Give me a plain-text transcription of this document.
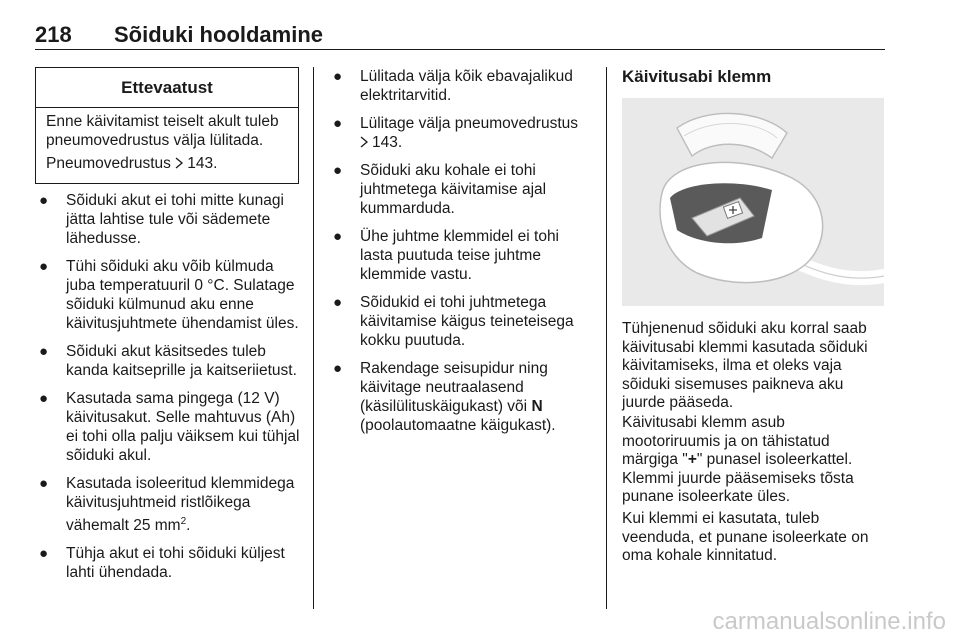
218 Sõiduki hooldamine
Ettevaatust
Enne käivitamist teiselt akult tuleb pneumovedrustus välja lülitada.
Pneumovedrustus 143.
● Sõiduki akut ei tohi mitte kunagi jätta lahtise tule või sädemete lähedusse.
● Tühi sõiduki aku võib külmuda juba temperatuuril 0 °C. Sulatage sõiduki külmunud aku enne käivitusjuhtmete ühendamist üles.
● Sõiduki akut käsitsedes tuleb kanda kaitseprille ja kaitseriietust.
● Kasutada sama pingega (12 V) käivitusakut. Selle mahtuvus (Ah) ei tohi olla palju väiksem kui tühjal sõiduki akul.
● Kasutada isoleeritud klemmidega käivitusjuhtmeid ristlõikega vähemalt 25 $mm^2$.
● Tühja akut ei tohi sõiduki küljest lahti ühendada.
● Lülitada välja kõik ebavajalikud elektritarvitid.
● Lülitage välja pneumovedrustus
143.
● Sõiduki aku kohale ei tohi juhtmetega käivitamise ajal kummarduda.
● Ühe juhtme klemmidel ei tohi lasta puutuda teise juhtme klemmide vastu.
● Sõidukid ei tohi juhtmetega käivitamise käigus teineteisega kokku puutuda.
● Rakendage seisupidur ning käivitage neutraalasend (käsilülituskäigukast) või N (poolautomaatne käigukast).
Käivitusabi klemm

Tühjenenud sõiduki aku korral saab käivitusabi klemmi kasutada sõiduki käivitamiseks, ilma et oleks vaja sõiduki sisemuses paikneva aku juurde pääseda.

Käivitusabi klemm asub mootoriruumis ja on tähistatud märgiga "+" punasel isoleerkattel. Klemmi juurde pääsemiseks tõsta punane isoleerkate üles.

Kui klemmi ei kasutata, tuleb veenduda, et punane isoleerkate on oma kohale kinnitatud.

carmanualsonline.info
